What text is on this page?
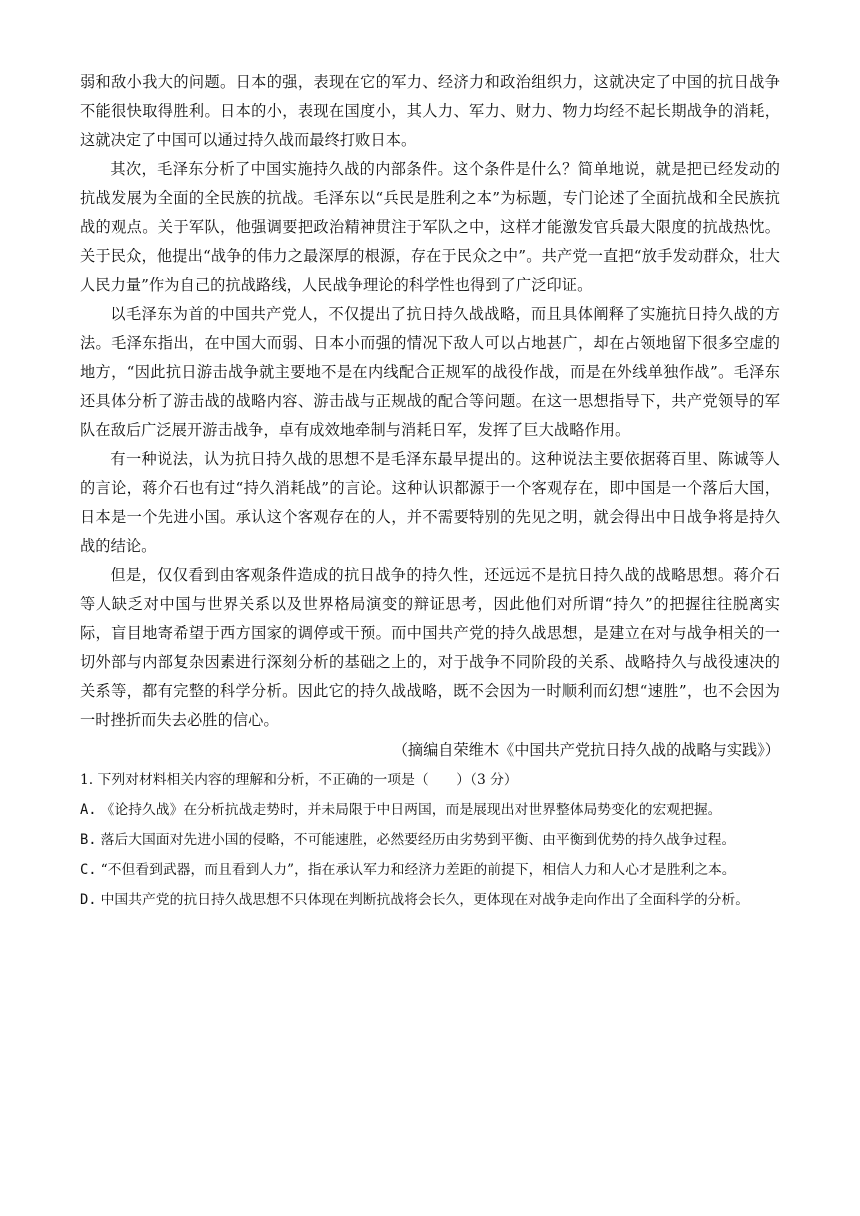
弱和敌小我大的问题。日本的强，表现在它的军力、经济力和政治组织力，这就决定了中国的抗日战争不能很快取得胜利。日本的小，表现在国度小，其人力、军力、财力、物力均经不起长期战争的消耗，这就决定了中国可以通过持久战而最终打败日本。

其次，毛泽东分析了中国实施持久战的内部条件。这个条件是什么？简单地说，就是把已经发动的抗战发展为全面的全民族的抗战。毛泽东以“兵民是胜利之本”为标题，专门论述了全面抗战和全民族抗战的观点。关于军队，他强调要把政治精神贯注于军队之中，这样才能激发官兵最大限度的抗战热忱。关于民众，他提出“战争的伟力之最深厚的根源，存在于民众之中”。共产党一直把“放手发动群众，壮大人民力量”作为自己的抗战路线，人民战争理论的科学性也得到了广泛印证。

以毛泽东为首的中国共产党人，不仅提出了抗日持久战战略，而且具体阐释了实施抗日持久战的方法。毛泽东指出，在中国大而弱、日本小而强的情况下敌人可以占地甚广，却在占领地留下很多空虚的地方，“因此抗日游击战争就主要地不是在内线配合正规军的战役作战，而是在外线单独作战”。毛泽东还具体分析了游击战的战略内容、游击战与正规战的配合等问题。在这一思想指导下，共产党领导的军队在敌后广泛展开游击战争，卓有成效地牵制与消耗日军，发挥了巨大战略作用。

有一种说法，认为抗日持久战的思想不是毛泽东最早提出的。这种说法主要依据蒋百里、陈诚等人的言论，蒋介石也有过“持久消耗战”的言论。这种认识都源于一个客观存在，即中国是一个落后大国，日本是一个先进小国。承认这个客观存在的人，并不需要特别的先见之明，就会得出中日战争将是持久战的结论。

但是，仅仅看到由客观条件造成的抗日战争的持久性，还远远不是抗日持久战的战略思想。蒋介石等人缺乏对中国与世界关系以及世界格局演变的辩证思考，因此他们对所谓“持久”的把握往往脱离实际，盲目地寄希望于西方国家的调停或干预。而中国共产党的持久战思想，是建立在对与战争相关的一切外部与内部复杂因素进行深刻分析的基础之上的，对于战争不同阶段的关系、战略持久与战役速决的关系等，都有完整的科学分析。因此它的持久战战略，既不会因为一时顺利而幻想“速胜”，也不会因为一时挫折而失去必胜的信心。

（摘编自荣维木《中国共产党抗日持久战的战略与实践》）

1. 下列对材料相关内容的理解和分析，不正确的一项是（　　）（3 分）

A. 《论持久战》在分析抗战走势时，并未局限于中日两国，而是展现出对世界整体局势变化的宏观把握。

B. 落后大国面对先进小国的侵略，不可能速胜，必然要经历由劣势到平衡、由平衡到优势的持久战争过程。

C. “不但看到武器，而且看到人力”，指在承认军力和经济力差距的前提下，相信人力和人心才是胜利之本。

D. 中国共产党的抗日持久战思想不只体现在判断抗战将会长久，更体现在对战争走向作出了全面科学的分析。
